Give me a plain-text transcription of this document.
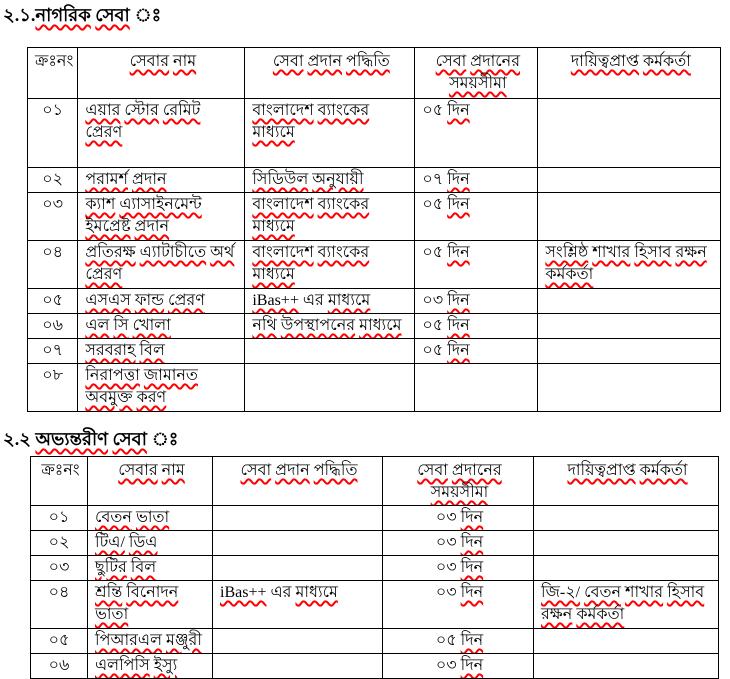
২.১.নাগরিক সেবা
ক্রঃনং	সেবার নাম	সেবা প্রদান পদ্ধিতি	সেবা প্রদানের সময়সীমা	দায়িত্বপ্রাপ্ত কর্মকর্তা
০১	এয়ার স্টোর রেমিট প্রেরণ	বাংলাদেশ ব্যাংকের মাধ্যমে	০৫ দিন	
০২	পরামর্শ প্রদান	সিডিউল অনুযায়ী	০৭ দিন	
০৩	ক্যাশ এ্যাসাইনমেন্ট ইমপ্রেষ্ট প্রদান	বাংলাদেশ ব্যাংকের মাধ্যমে	০৫ দিন	
০৪	প্রতিরক্ষ এ্যাটাচীতে অর্থ প্রেরণ	বাংলাদেশ ব্যাংকের মাধ্যমে	০৫ দিন	সংশ্লিষ্ঠ শাখার হিসাব রক্ষন কর্মকর্তা
০৫	এসএস ফান্ড প্রেরণ	iBas++ এর মাধ্যমে	০৩ দিন	
০৬	এল সি খোলা	নথি উপস্থাপনের মাধ্যমে	০৫ দিন	
০৭	সরবরাহ বিল		০৫ দিন	
০৮	নিরাপত্তা জামানত অবমুক্ত করণ			
২.২ অভ্যন্তরীণ সেবা
ক্রঃনং	সেবার নাম	সেবা প্রদান পদ্ধিতি	সেবা প্রদানের সময়সীমা	দায়িত্বপ্রাপ্ত কর্মকর্তা
০১	বেতন ভাতা		০৩ দিন	
০২	টিএ/ ডিএ		০৩ দিন	
০৩	ছুটির বিল		০৩ দিন	
০৪	শ্রন্তি বিনোদন ভাতা	iBas++ এর মাধ্যমে	০৩ দিন	জি-২/ বেতন শাখার হিসাব রক্ষন কর্মকর্তা
০৫	পিআরএল মঞ্জুরী		০৫ দিন	
০৬	এলপিসি ইস্যু		০৩ দিন	
